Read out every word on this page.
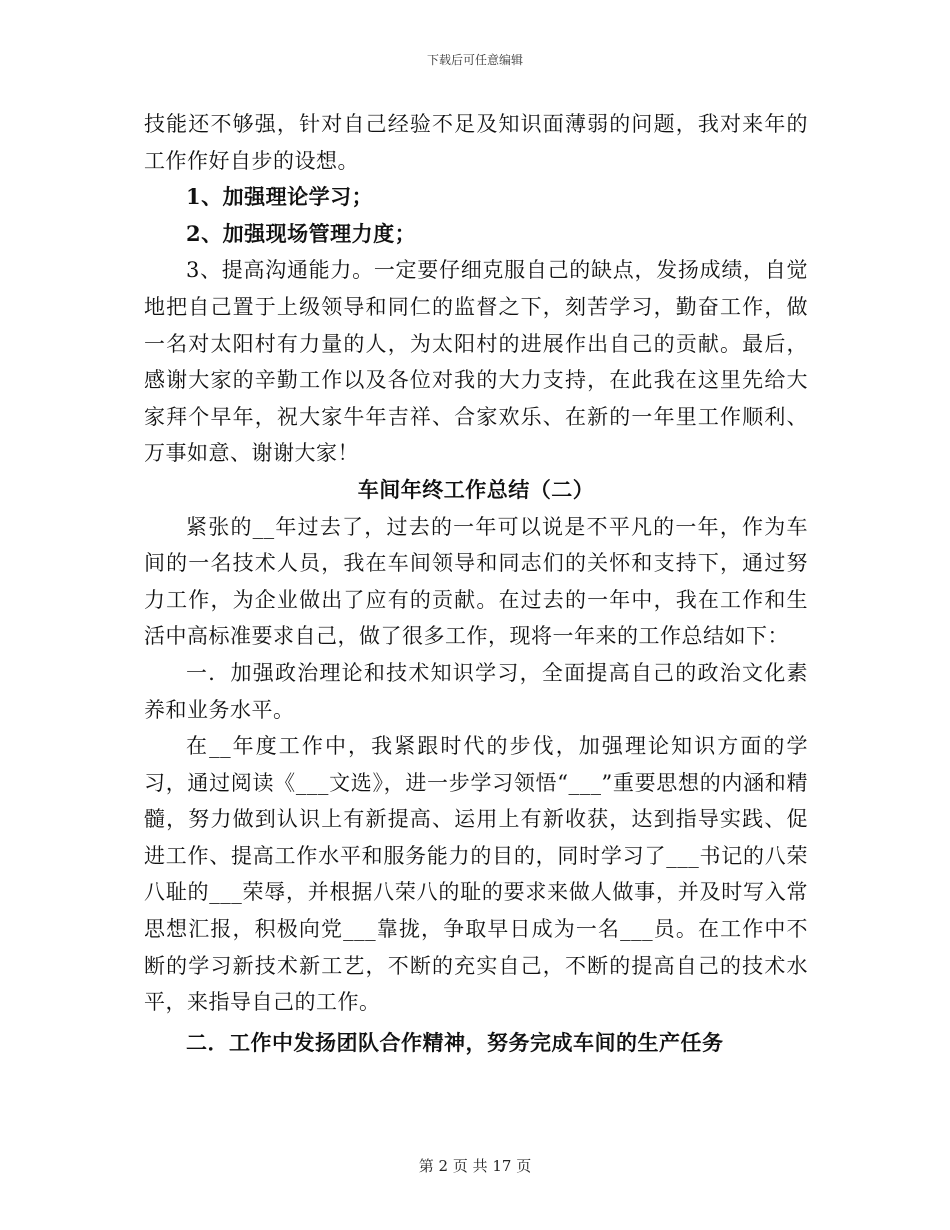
下载后可任意编辑

技能还不够强，针对自己经验不足及知识面薄弱的问题，我对来年的工作作好自步的设想。

1、加强理论学习；

2、加强现场管理力度；

3、提高沟通能力。一定要仔细克服自己的缺点，发扬成绩，自觉地把自己置于上级领导和同仁的监督之下，刻苦学习，勤奋工作，做一名对太阳村有力量的人，为太阳村的进展作出自己的贡献。最后，感谢大家的辛勤工作以及各位对我的大力支持，在此我在这里先给大家拜个早年，祝大家牛年吉祥、合家欢乐、在新的一年里工作顺利、万事如意、谢谢大家！

车间年终工作总结（二）

紧张的__年过去了，过去的一年可以说是不平凡的一年，作为车间的一名技术人员，我在车间领导和同志们的关怀和支持下，通过努力工作，为企业做出了应有的贡献。在过去的一年中，我在工作和生活中高标准要求自己，做了很多工作，现将一年来的工作总结如下：

一．加强政治理论和技术知识学习，全面提高自己的政治文化素养和业务水平。

在__年度工作中，我紧跟时代的步伐，加强理论知识方面的学习，通过阅读《___文选》，进一步学习领悟“___”重要思想的内涵和精髓，努力做到认识上有新提高、运用上有新收获，达到指导实践、促进工作、提高工作水平和服务能力的目的，同时学习了___书记的八荣八耻的___荣辱，并根据八荣八的耻的要求来做人做事，并及时写入常思想汇报，积极向党___靠拢，争取早日成为一名___员。在工作中不断的学习新技术新工艺，不断的充实自己，不断的提高自己的技术水平，来指导自己的工作。

二．工作中发扬团队合作精神，努务完成车间的生产任务

第 2 页 共 17 页
